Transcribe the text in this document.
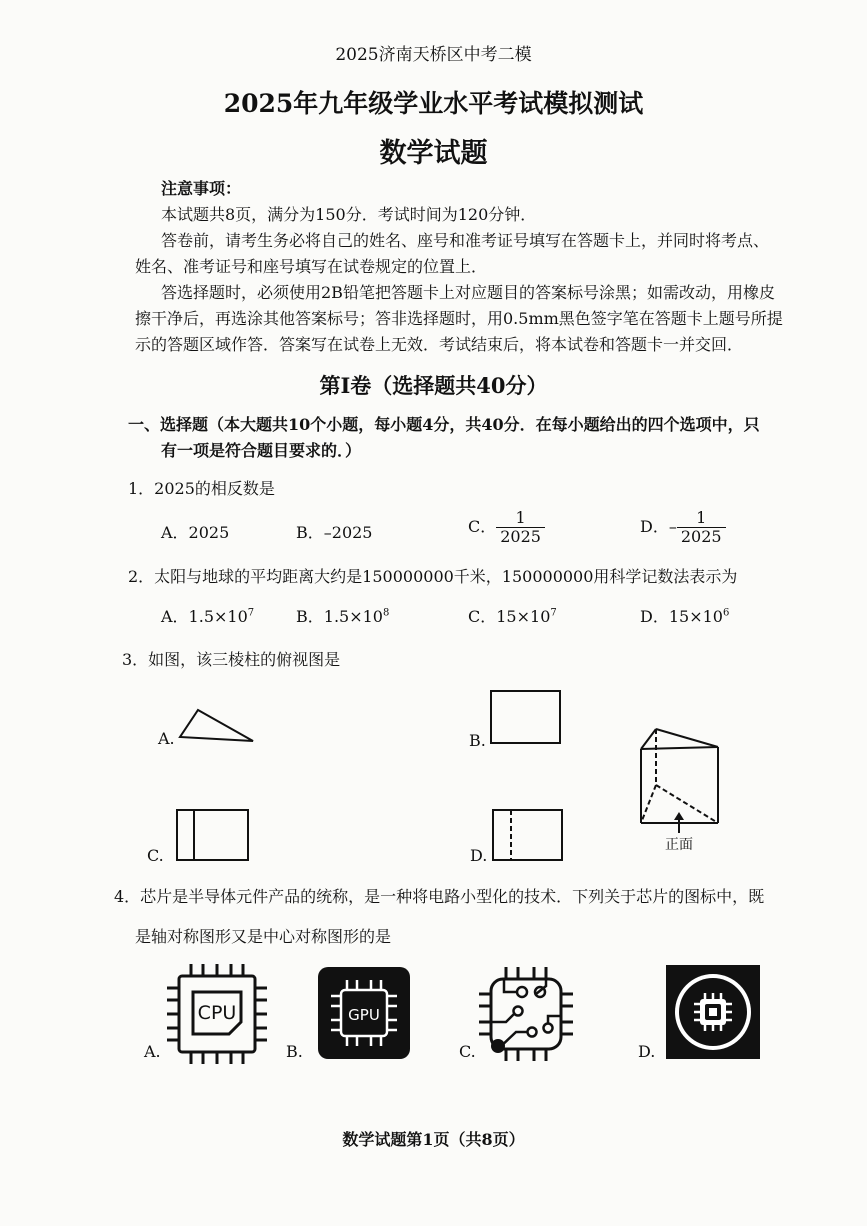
2025济南天桥区中考二模
2025年九年级学业水平考试模拟测试
数学试题
注意事项：
本试题共8页，满分为150分．考试时间为120分钟．
答卷前，请考生务必将自己的姓名、座号和准考证号填写在答题卡上，并同时将考点、
姓名、准考证号和座号填写在试卷规定的位置上．
答选择题时，必须使用2B铅笔把答题卡上对应题目的答案标号涂黑；如需改动，用橡皮
擦干净后，再选涂其他答案标号；答非选择题时，用0.5mm黑色签字笔在答题卡上题号所提
示的答题区域作答．答案写在试卷上无效．考试结束后，将本试卷和答题卡一并交回．
第Ⅰ卷（选择题共40分）
一、选择题（本大题共10个小题，每小题4分，共40分．在每小题给出的四个选项中，只
有一项是符合题目要求的．）
1．2025的相反数是
A．2025	B．–2025	C． $\frac{1}{2025}$	D．– $\frac{1}{2025}$
2．太阳与地球的平均距离大约是150000000千米，150000000用科学记数法表示为
A．$1.5\times 10^7$	B．$1.5\times 10^8$	C．$15\times 10^7$	D．$15\times 10^6$
3．如图，该三棱柱的俯视图是
A.	B.
C.	D.
正面
4．芯片是半导体元件产品的统称，是一种将电路小型化的技术．下列关于芯片的图标中，既
是轴对称图形又是中心对称图形的是
A.	B.	C.	D.
CPU	GPU
数学试题第1页（共8页）
